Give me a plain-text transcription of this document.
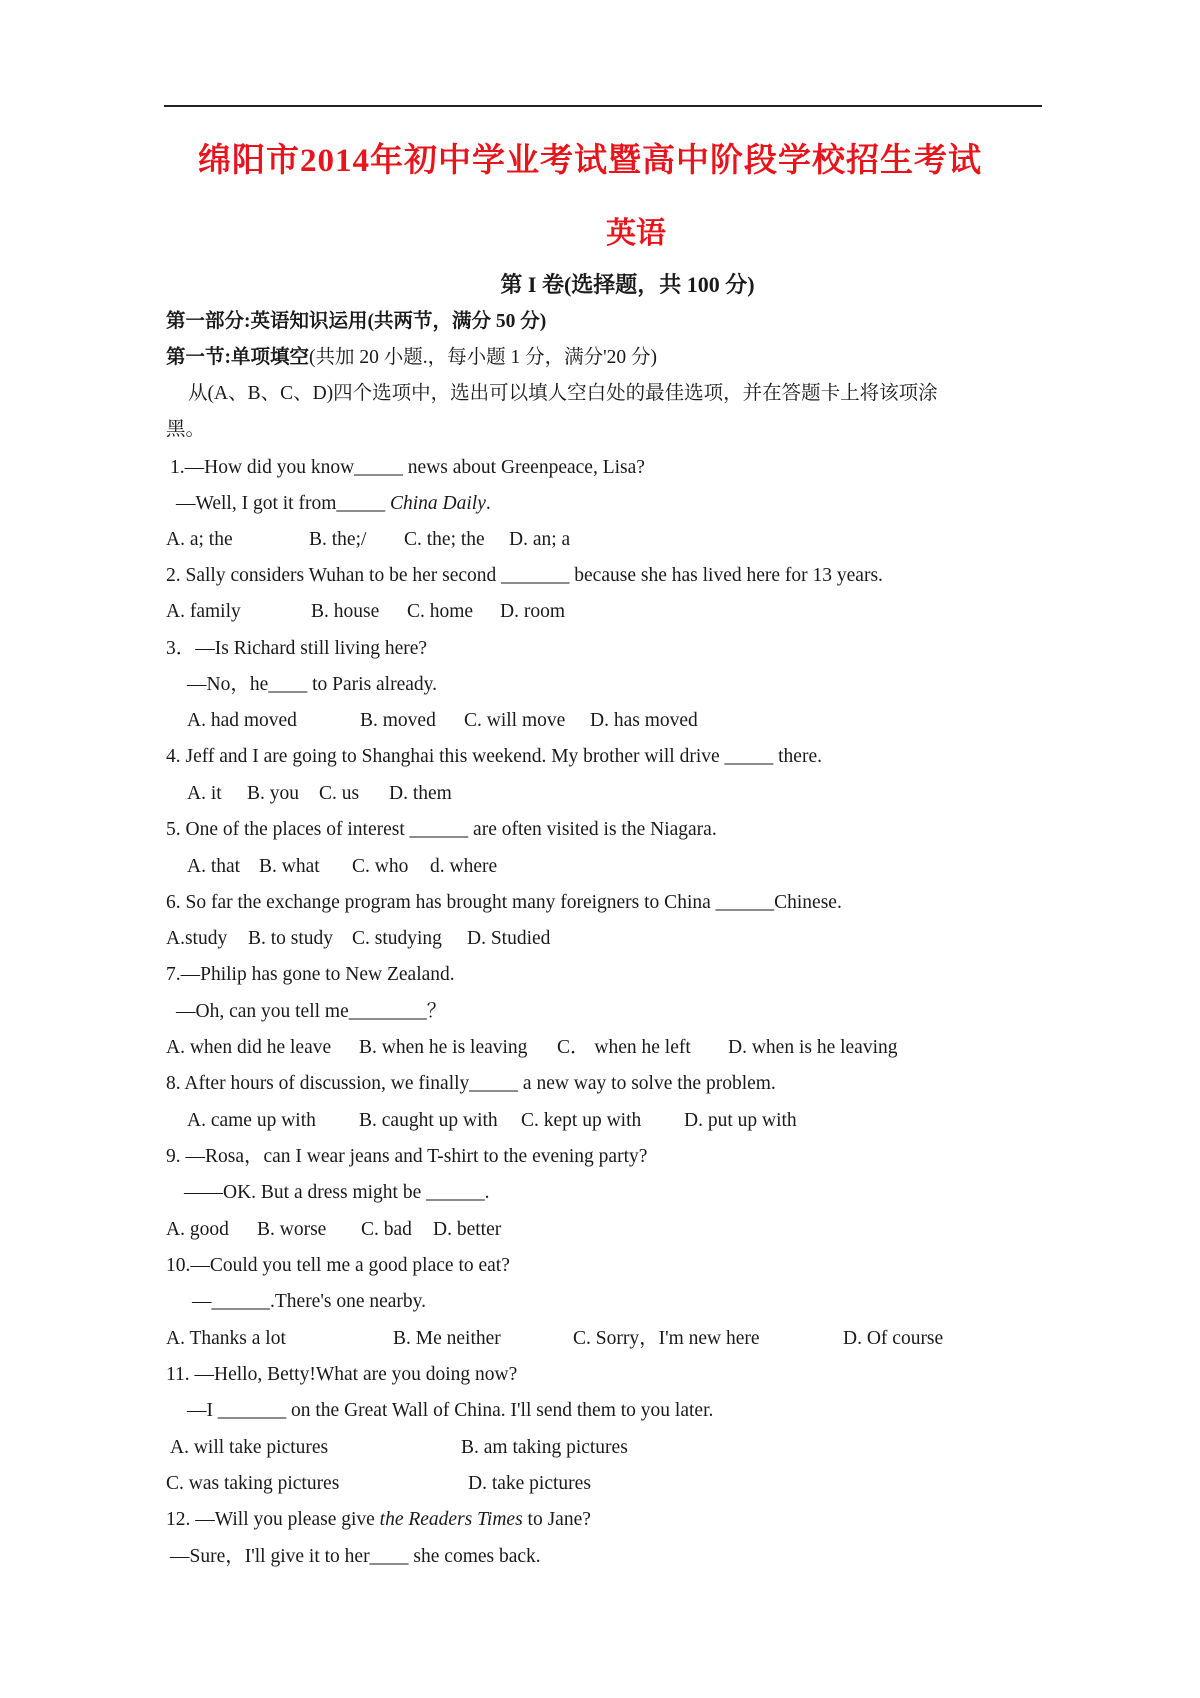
绵阳市2014年初中学业考试暨高中阶段学校招生考试
英语
第 I 卷(选择题，共 100 分)
第一部分:英语知识运用(共两节，满分 50 分)
第一节:单项填空(共加 20 小题.，每小题 1 分，满分'20 分)
从(A、B、C、D)四个选项中，选出可以填人空白处的最佳选项，并在答题卡上将该项涂
黑。
1.—How did you know_____ news about Greenpeace, Lisa?
—Well, I got it from_____ China Daily.
A. a; the	B. the;/ C. the; the D. an; a
2. Sally considers Wuhan to be her second _______ because she has lived here for 13 years.
A. family	B. house C. home D. room
3．—Is Richard still living here?
—No，he____ to Paris already.
A. had moved	B. moved C. will move D. has moved
4. Jeff and I are going to Shanghai this weekend. My brother will drive _____ there.
A. it B. you C. us D. them
5. One of the places of interest ______ are often visited is the Niagara.
A. that B. what C. who d. where
6. So far the exchange program has brought many foreigners to China ______Chinese.
A.study B. to study C. studying D. Studied
7.—Philip has gone to New Zealand.
—Oh, can you tell me________？
A. when did he leave B. when he is leaving C． when he left D. when is he leaving
8. After hours of discussion, we finally_____ a new way to solve the problem.
A. came up with B. caught up with C. kept up with D. put up with
9. —Rosa，can I wear jeans and T-shirt to the evening party?
——OK. But a dress might be ______.
A. good B. worse C. bad D. better
10.—Could you tell me a good place to eat?
—______.There's one nearby.
A. Thanks a lot	B. Me neither	C. Sorry，I'm new here	D. Of course
11. —Hello, Betty!What are you doing now?
—I _______ on the Great Wall of China. I'll send them to you later.
A. will take pictures	B. am taking pictures
C. was taking pictures	D. take pictures
12. —Will you please give the Readers Times to Jane?
—Sure，I'll give it to her____ she comes back.
